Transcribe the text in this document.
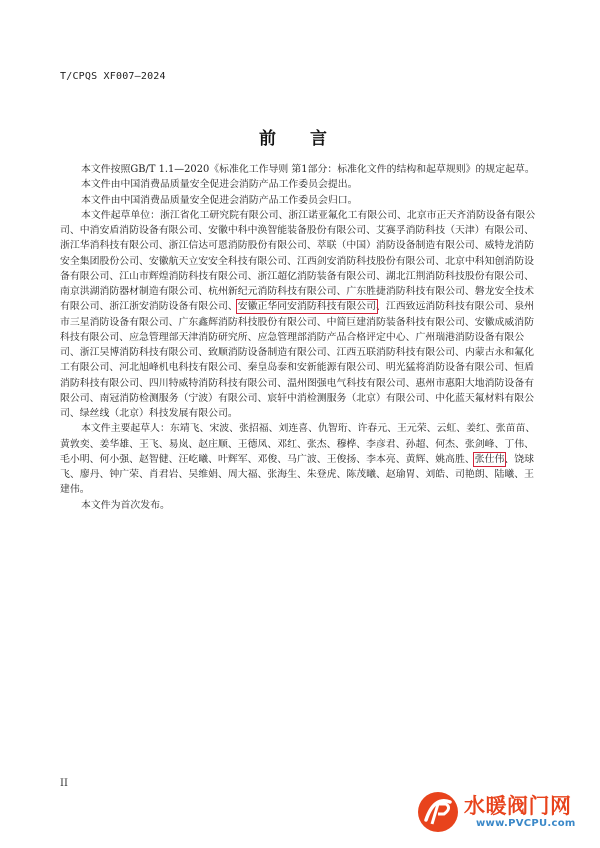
T/CPQS XF007—2024
前 言

本文件按照GB/T 1.1—2020《标准化工作导则 第1部分：标准化文件的结构和起草规则》的规定起草。

本文件由中国消费品质量安全促进会消防产品工作委员会提出。

本文件由中国消费品质量安全促进会消防产品工作委员会归口。

本文件起草单位：浙江省化工研究院有限公司、浙江诺亚氟化工有限公司、北京市正天齐消防设备有限公司、中消安盾消防设备有限公司、安徽中科中涣智能装备股份有限公司、艾赛孚消防科技（天津）有限公司、浙江华消科技有限公司、浙江信达可恩消防股份有限公司、萃联（中国）消防设备制造有限公司、威特龙消防安全集团股份公司、安徽航天立安安全科技有限公司、江西剑安消防科技股份有限公司、北京中科知创消防设备有限公司、江山市辉煌消防科技有限公司、浙江超亿消防装备有限公司、湖北江荆消防科技股份有限公司、南京洪湖消防器材制造有限公司、杭州新纪元消防科技有限公司、广东胜捷消防科技有限公司、磐龙安全技术有限公司、浙江浙安消防设备有限公司、安徽正华同安消防科技有限公司、江西致远消防科技有限公司、泉州市三星消防设备有限公司、广东鑫辉消防科技股份有限公司、中简巨建消防装备科技有限公司、安徽成威消防科技有限公司、应急管理部天津消防研究所、应急管理部消防产品合格评定中心、广州瑞港消防设备有限公司、浙江吴博消防科技有限公司、致顺消防设备制造有限公司、江西五联消防科技有限公司、内蒙古永和氟化工有限公司、河北旭峰机电科技有限公司、秦皇岛泰和安新能源有限公司、明光猛将消防设备有限公司、恒盾消防科技有限公司、四川特威特消防科技有限公司、温州图强电气科技有限公司、惠州市惠阳大地消防设备有限公司、南冠消防检测服务（宁波）有限公司、宸轩中消检测服务（北京）有限公司、中化蓝天氟材料有限公司、绿丝线（北京）科技发展有限公司。

本文件主要起草人：东靖飞、宋波、张招福、刘连喜、仇智珩、许春元、王元荣、云虹、姜红、张苗苗、黄敦奕、姜华雄、王飞、易岚、赵庄顺、王德凤、邓红、张杰、穆桦、李彦君、孙超、何杰、张剑峰、丁伟、毛小明、何小强、赵智健、汪屹曦、叶辉军、邓俊、马广波、王俊扬、李本亮、黄辉、姚高胜、张仕伟、饶球飞、廖丹、钟广荣、肖君岩、吴维娟、周大福、张海生、朱登虎、陈茂曦、赵瑜胃、刘皓、司艳朗、陆曦、王建伟。

本文件为首次发布。

II
水暖阀门网
www.PVCPU.com
